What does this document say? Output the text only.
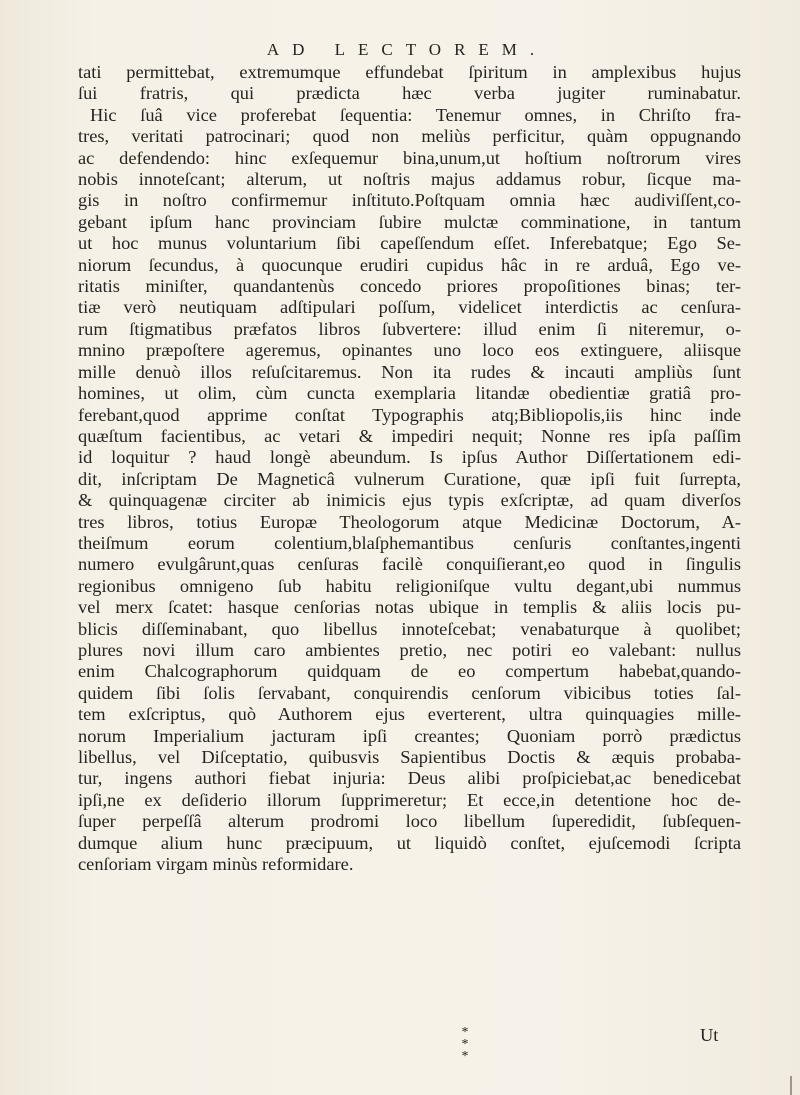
AD LECTOREM.
tati permittebat, extremumque effundebat ſpiritum in amplexibus hujus
ſui fratris, qui prædicta hæc verba jugiter ruminabatur.
Hic ſuâ vice proferebat ſequentia: Tenemur omnes, in Chriſto fra-
tres, veritati patrocinari; quod non meliùs perficitur, quàm oppugnando
ac defendendo: hinc exſequemur bina,unum,ut hoſtium noſtrorum vires
nobis innoteſcant; alterum, ut noſtris majus addamus robur, ſicque ma-
gis in noſtro confirmemur inſtituto.Poſtquam omnia hæc audiviſſent,co-
gebant ipſum hanc provinciam ſubire mulctæ comminatione, in tantum
ut hoc munus voluntarium ſibi capeſſendum eſſet. Inferebatque; Ego Se-
niorum ſecundus, à quocunque erudiri cupidus hâc in re arduâ, Ego ve-
ritatis miniſter, quandantenùs concedo priores propoſitiones binas; ter-
tiæ verò neutiquam adſtipulari poſſum, videlicet interdictis ac cenſura-
rum ſtigmatibus præfatos libros ſubvertere: illud enim ſi niteremur, o-
mnino præpoſtere ageremus, opinantes uno loco eos extinguere, aliisque
mille denuò illos reſuſcitaremus. Non ita rudes & incauti ampliùs ſunt
homines, ut olim, cùm cuncta exemplaria litandæ obedientiæ gratiâ pro-
ferebant,quod apprime conſtat Typographis atq;Bibliopolis,iis hinc inde
quæſtum facientibus, ac vetari & impediri nequit; Nonne res ipſa paſſim
id loquitur ? haud longè abeundum. Is ipſus Author Diſſertationem edi-
dit, inſcriptam De Magneticâ vulnerum Curatione, quæ ipſi fuit ſurrepta,
& quinquagenæ circiter ab inimicis ejus typis exſcriptæ, ad quam diverſos
tres libros, totius Europæ Theologorum atque Medicinæ Doctorum, A-
theiſmum eorum colentium,blaſphemantibus cenſuris conſtantes,ingenti
numero evulgârunt,quas cenſuras facilè conquiſierant,eo quod in ſingulis
regionibus omnigeno ſub habitu religioniſque vultu degant,ubi nummus
vel merx ſcatet: hasque cenſorias notas ubique in templis & aliis locis pu-
blicis diſſeminabant, quo libellus innoteſcebat; venabaturque à quolibet;
plures novi illum caro ambientes pretio, nec potiri eo valebant: nullus
enim Chalcographorum quidquam de eo compertum habebat,quando-
quidem ſibi ſolis ſervabant, conquirendis cenſorum vibicibus toties ſal-
tem exſcriptus, quò Authorem ejus everterent, ultra quinquagies mille-
norum Imperialium jacturam ipſi creantes; Quoniam porrò prædictus
libellus, vel Diſceptatio, quibusvis Sapientibus Doctis & æquis probaba-
tur, ingens authori fiebat injuria: Deus alibi proſpiciebat,ac benedicebat
ipſi,ne ex deſiderio illorum ſupprimeretur; Et ecce,in detentione hoc de-
ſuper perpeſſâ alterum prodromi loco libellum ſuperedidit, ſubſequen-
dumque alium hunc præcipuum, ut liquidò conſtet, ejuſcemodi ſcripta
cenſoriam virgam minùs reformidare.
* *
*
Ut
